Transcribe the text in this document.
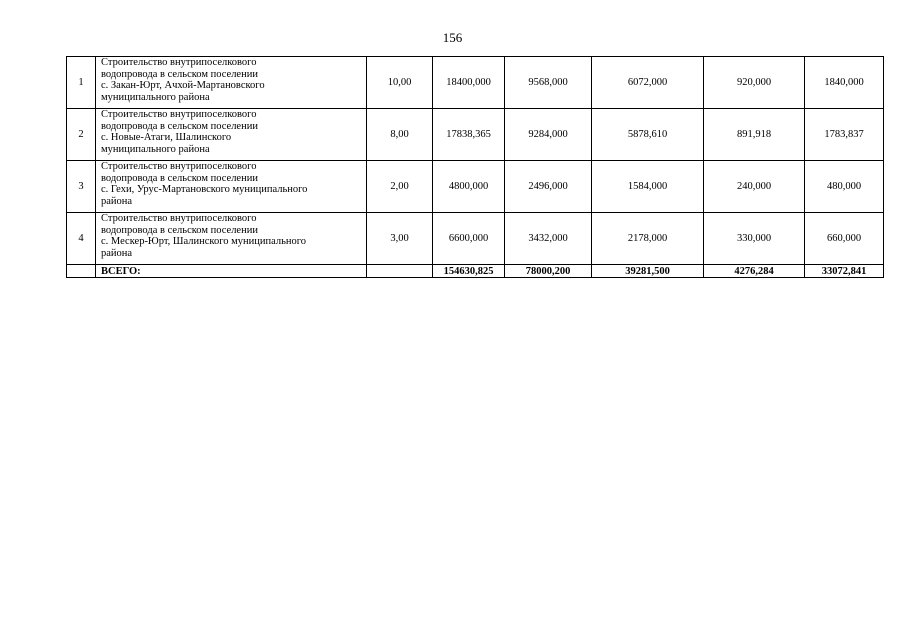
156
1	Строительство внутрипоселкового
водопровода в сельском поселении
с. Закан-Юрт, Ачхой-Мартановского
муниципального района	10,00	18400,000	9568,000	6072,000	920,000	1840,000
2	Строительство внутрипоселкового
водопровода в сельском поселении
с. Новые-Атаги, Шалинского
муниципального района	8,00	17838,365	9284,000	5878,610	891,918	1783,837
3	Строительство внутрипоселкового
водопровода в сельском поселении
с. Гехи, Урус-Мартановского муниципального
района	2,00	4800,000	2496,000	1584,000	240,000	480,000
4	Строительство внутрипоселкового
водопровода в сельском поселении
с. Мескер-Юрт, Шалинского муниципального
района	3,00	6600,000	3432,000	2178,000	330,000	660,000
	ВСЕГО:		154630,825	78000,200	39281,500	4276,284	33072,841
